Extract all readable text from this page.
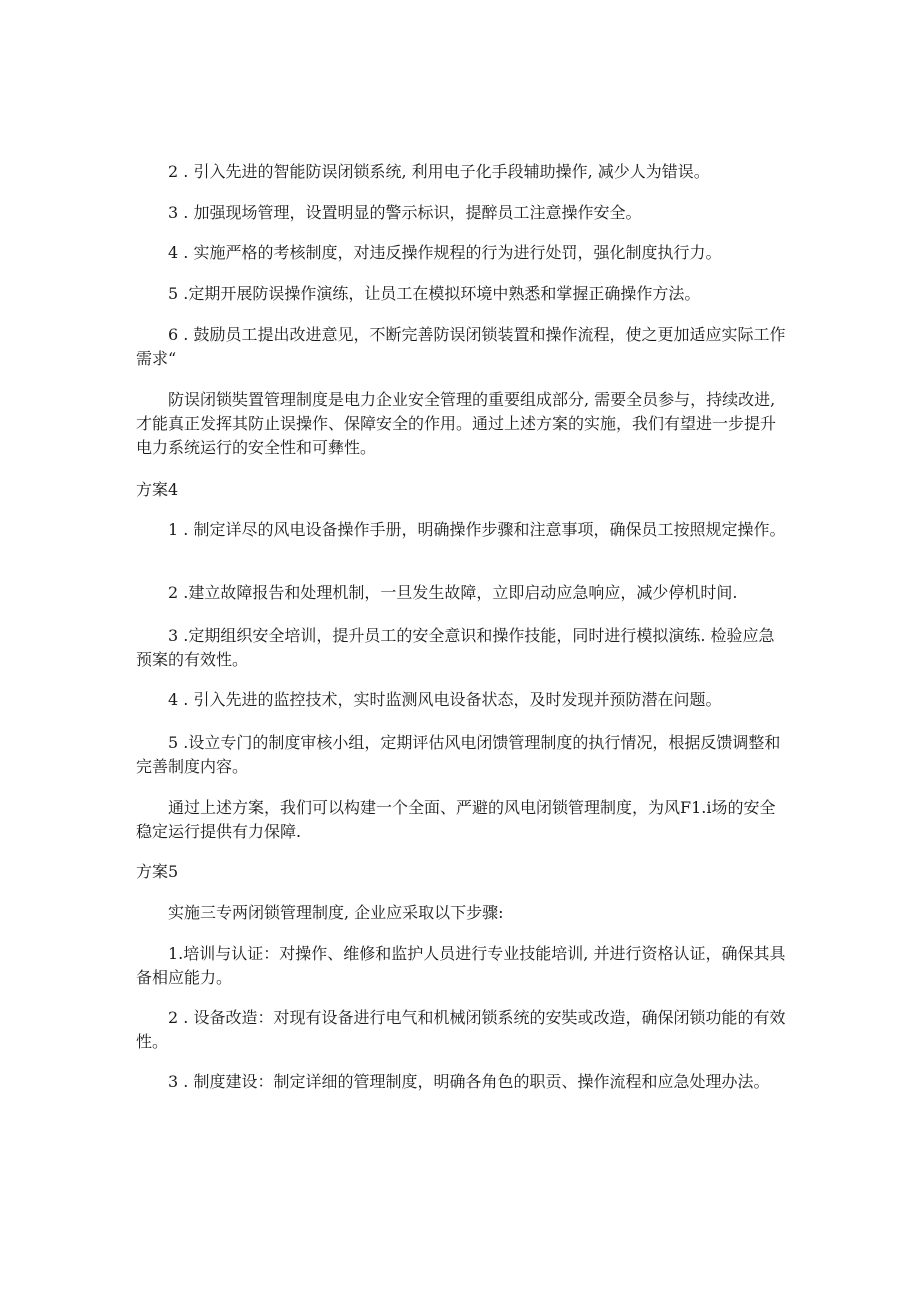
2 . 引入先进的智能防误闭锁系统, 利用电子化手段辅助操作, 减少人为错误。

3 . 加强现场管理，设置明显的警示标识，提醉员工注意操作安全。

4 . 实施严格的考核制度，对违反操作规程的行为进行处罚，强化制度执行力。

5 .定期开展防误操作演练，让员工在模拟环境中熟悉和掌握正确操作方法。

6 . 鼓励员工提出改进意见，不断完善防误闭锁装置和操作流程，使之更加适应实际工作需求“

防误闭锁奘置管理制度是电力企业安全管理的重要组成部分, 需要全员参与，持续改进, 才能真正发挥其防止误操作、保障安全的作用。通过上述方案的实施，我们有望进一步提升电力系统运行的安全性和可彝性。

方案4

1 . 制定详尽的风电设备操作手册，明确操作步骤和注意事项，确保员工按照规定操作。

2 .建立故障报告和处理机制，一旦发生故障，立即启动应急响应，减少停机时间.

3 .定期组织安全培训，提升员工的安全意识和操作技能，同时进行模拟演练. 检验应急预案的有效性。

4 . 引入先进的监控技术，实时监测风电设备状态，及时发现并预防潜在问题。

5 .设立专门的制度审核小组，定期评估风电闭馈管理制度的执行情况，根据反馈调整和完善制度内容。

通过上述方案，我们可以构建一个全面、严避的风电闭锁管理制度，为风F1.i场的安全稳定运行提供有力保障.

方案5

实施三专两闭锁管理制度, 企业应采取以下步骤:

1.培训与认证：对操作、维修和监护人员进行专业技能培训, 并进行资格认证，确保其具备相应能力。

2 . 设备改造：对现有设备进行电气和机械闭锁系统的安奘或改造，确保闭锁功能的有效性。

3 . 制度建设：制定详细的管理制度，明确各角色的职贡、操作流程和应急处理办法。
